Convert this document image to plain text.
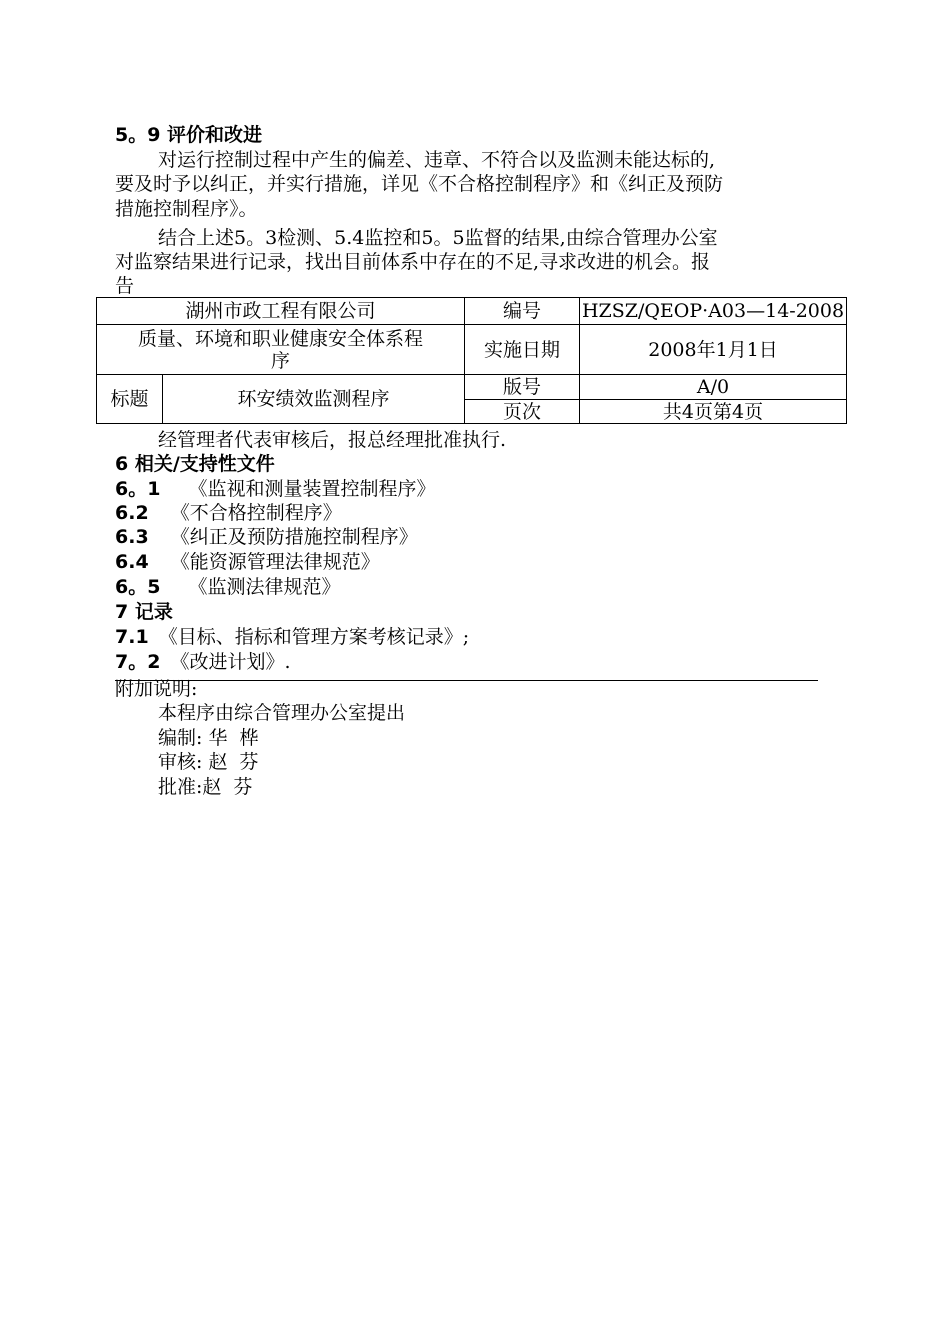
5。9 评价和改进
对运行控制过程中产生的偏差、违章、不符合以及监测未能达标的,
要及时予以纠正，并实行措施，详见《不合格控制程序》和《纠正及预防
措施控制程序》。
结合上述5。3检测、5.4监控和5。5监督的结果,由综合管理办公室
对监察结果进行记录，找出目前体系中存在的不足,寻求改进的机会。报
告
湖州市政工程有限公司		编号	HZSZ/QEOP·A03—14-2008

质量、环境和职业健康安全体系程
序		实施日期	2008年1月1日
标题	环安绩效监测程序	版号	A/0
		页次	共4页第4页
经管理者代表审核后，报总经理批准执行.
6 相关/支持性文件
6。1 《监视和测量装置控制程序》
6.2 《不合格控制程序》
6.3 《纠正及预防措施控制程序》
6.4 《能资源管理法律规范》
6。5 《监测法律规范》
7 记录
7.1 《目标、指标和管理方案考核记录》;
7。2 《改进计划》.
附加说明:
本程序由综合管理办公室提出
编制: 华  桦
审核: 赵  芬
批准:赵  芬
